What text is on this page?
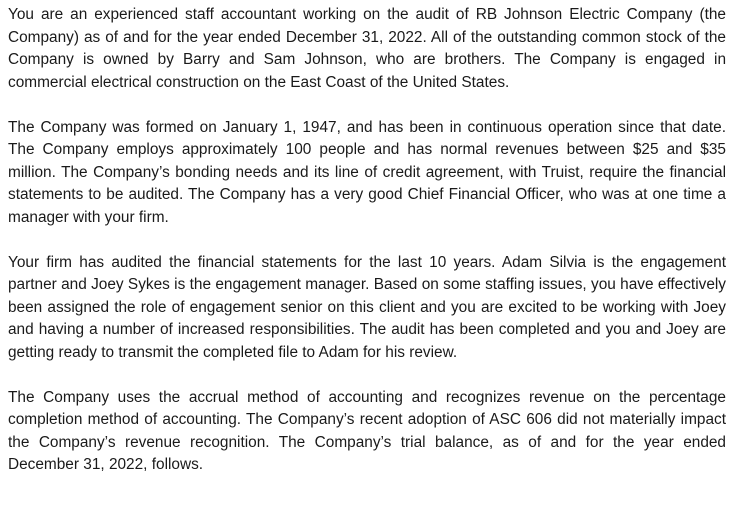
You are an experienced staff accountant working on the audit of RB Johnson Electric Company (the Company) as of and for the year ended December 31, 2022. All of the outstanding common stock of the Company is owned by Barry and Sam Johnson, who are brothers. The Company is engaged in commercial electrical construction on the East Coast of the United States.

The Company was formed on January 1, 1947, and has been in continuous operation since that date. The Company employs approximately 100 people and has normal revenues between $25 and $35 million. The Company’s bonding needs and its line of credit agreement, with Truist, require the financial statements to be audited. The Company has a very good Chief Financial Officer, who was at one time a manager with your firm.

Your firm has audited the financial statements for the last 10 years. Adam Silvia is the engagement partner and Joey Sykes is the engagement manager. Based on some staffing issues, you have effectively been assigned the role of engagement senior on this client and you are excited to be working with Joey and having a number of increased responsibilities. The audit has been completed and you and Joey are getting ready to transmit the completed file to Adam for his review.

The Company uses the accrual method of accounting and recognizes revenue on the percentage completion method of accounting. The Company’s recent adoption of ASC 606 did not materially impact the Company’s revenue recognition. The Company’s trial balance, as of and for the year ended December 31, 2022, follows.
